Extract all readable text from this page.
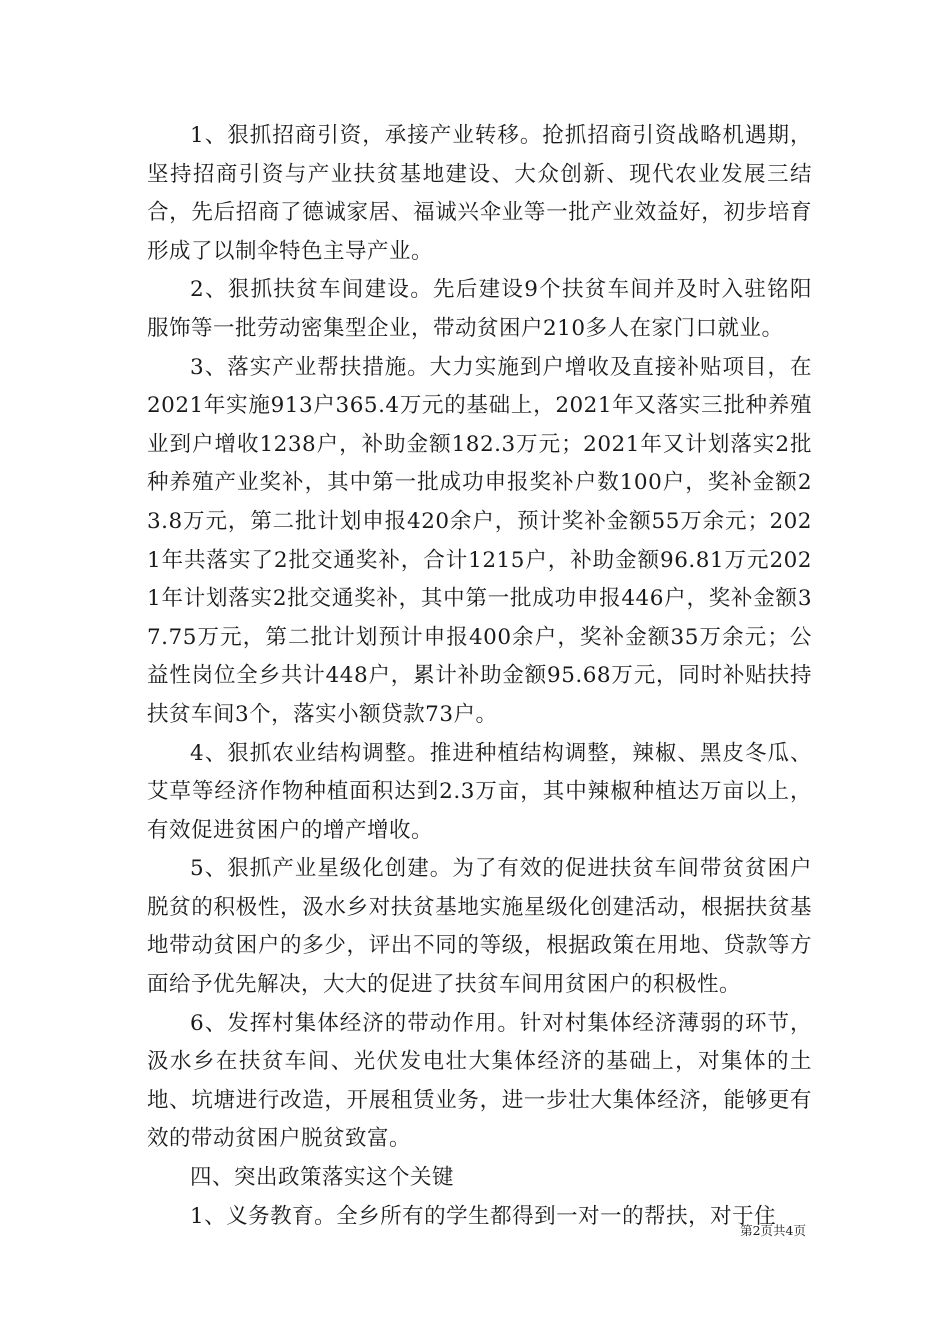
1、狠抓招商引资，承接产业转移。抢抓招商引资战略机遇期，坚持招商引资与产业扶贫基地建设、大众创新、现代农业发展三结合，先后招商了德诚家居、福诚兴伞业等一批产业效益好，初步培育形成了以制伞特色主导产业。

2、狠抓扶贫车间建设。先后建设9个扶贫车间并及时入驻铭阳服饰等一批劳动密集型企业，带动贫困户210多人在家门口就业。

3、落实产业帮扶措施。大力实施到户增收及直接补贴项目，在2021年实施913户365.4万元的基础上，2021年又落实三批种养殖业到户增收1238户，补助金额182.3万元；2021年又计划落实2批种养殖产业奖补，其中第一批成功申报奖补户数100户，奖补金额23.8万元，第二批计划申报420余户，预计奖补金额55万余元；2021年共落实了2批交通奖补，合计1215户，补助金额96.81万元2021年计划落实2批交通奖补，其中第一批成功申报446户，奖补金额37.75万元，第二批计划预计申报400余户，奖补金额35万余元；公益性岗位全乡共计448户，累计补助金额95.68万元，同时补贴扶持扶贫车间3个，落实小额贷款73户。

4、狠抓农业结构调整。推进种植结构调整，辣椒、黑皮冬瓜、艾草等经济作物种植面积达到2.3万亩，其中辣椒种植达万亩以上，有效促进贫困户的增产增收。

5、狠抓产业星级化创建。为了有效的促进扶贫车间带贫贫困户脱贫的积极性，汲水乡对扶贫基地实施星级化创建活动，根据扶贫基地带动贫困户的多少，评出不同的等级，根据政策在用地、贷款等方面给予优先解决，大大的促进了扶贫车间用贫困户的积极性。

6、发挥村集体经济的带动作用。针对村集体经济薄弱的环节，汲水乡在扶贫车间、光伏发电壮大集体经济的基础上，对集体的土地、坑塘进行改造，开展租赁业务，进一步壮大集体经济，能够更有效的带动贫困户脱贫致富。

四、突出政策落实这个关键

1、义务教育。全乡所有的学生都得到一对一的帮扶，对于住

第2页共4页
